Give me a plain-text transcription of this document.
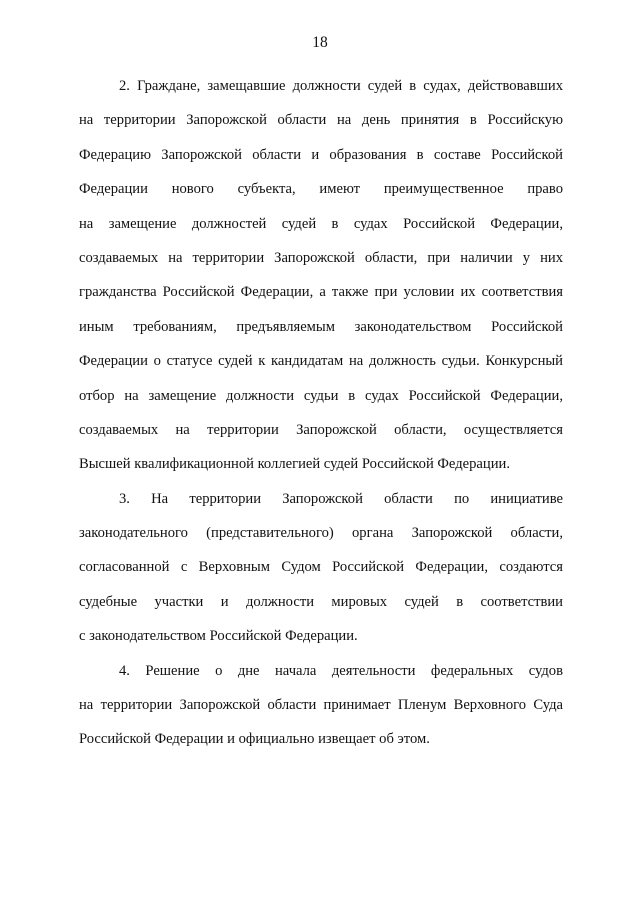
18

2. Граждане, замещавшие должности судей в судах, действовавших
на территории Запорожской области на день принятия в Российскую
Федерацию Запорожской области и образования в составе Российской
Федерации нового субъекта, имеют преимущественное право
на замещение должностей судей в судах Российской Федерации,
создаваемых на территории Запорожской области, при наличии у них
гражданства Российской Федерации, а также при условии их соответствия
иным требованиям, предъявляемым законодательством Российской
Федерации о статусе судей к кандидатам на должность судьи. Конкурсный
отбор на замещение должности судьи в судах Российской Федерации,
создаваемых на территории Запорожской области, осуществляется
Высшей квалификационной коллегией судей Российской Федерации.

3. На территории Запорожской области по инициативе
законодательного (представительного) органа Запорожской области,
согласованной с Верховным Судом Российской Федерации, создаются
судебные участки и должности мировых судей в соответствии
с законодательством Российской Федерации.

4. Решение о дне начала деятельности федеральных судов
на территории Запорожской области принимает Пленум Верховного Суда
Российской Федерации и официально извещает об этом.
